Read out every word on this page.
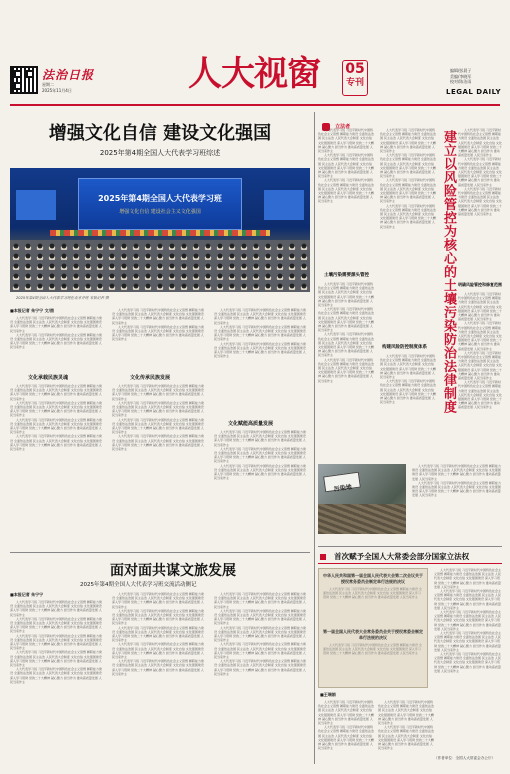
法治日报
星期二
2025年11月4日	人大视窗 05
专刊
编辑/彭晨子
美编/李晓军
校对/陈洁雨
LEGAL DAILY
增强文化自信 建设文化强国
2025年第4期全国人大代表学习班综述
2025年第4期全国人大代表学习班
增强文化自信 建设社会主义文化强国
2025年第4期全国人大代表学习班在北京开班 本报记者 摄
■本报记者 朱宁宁 文/图

人大代表学习班 习近平新时代中国特色社会主义思想 履职能力建设 全面依法治国 民主法治 人民代表大会制度 文化自信 文化强国建设 深入学习贯彻 党的二十大精神 凝心聚力 担当作为 推动高质量发展 人民当家作主

人大代表学习班 习近平新时代中国特色社会主义思想 履职能力建设 全面依法治国 民主法治 人民代表大会制度 文化自信 文化强国建设 深入学习贯彻 党的二十大精神 凝心聚力 担当作为 推动高质量发展 人民当家作主

文化承载民族灵魂

人大代表学习班 习近平新时代中国特色社会主义思想 履职能力建设 全面依法治国 民主法治 人民代表大会制度 文化自信 文化强国建设 深入学习贯彻 党的二十大精神 凝心聚力 担当作为 推动高质量发展 人民当家作主

人大代表学习班 习近平新时代中国特色社会主义思想 履职能力建设 全面依法治国 民主法治 人民代表大会制度 文化自信 文化强国建设 深入学习贯彻 党的二十大精神 凝心聚力 担当作为 推动高质量发展 人民当家作主

人大代表学习班 习近平新时代中国特色社会主义思想 履职能力建设 全面依法治国 民主法治 人民代表大会制度 文化自信 文化强国建设 深入学习贯彻 党的二十大精神 凝心聚力 担当作为 推动高质量发展 人民当家作主

人大代表学习班 习近平新时代中国特色社会主义思想 履职能力建设 全面依法治国 民主法治 人民代表大会制度 文化自信 文化强国建设 深入学习贯彻 党的二十大精神 凝心聚力 担当作为 推动高质量发展 人民当家作主

人大代表学习班 习近平新时代中国特色社会主义思想 履职能力建设 全面依法治国 民主法治 人民代表大会制度 文化自信 文化强国建设 深入学习贯彻 党的二十大精神 凝心聚力 担当作为 推动高质量发展 人民当家作主

人大代表学习班 习近平新时代中国特色社会主义思想 履职能力建设 全面依法治国 民主法治 人民代表大会制度 文化自信 文化强国建设 深入学习贯彻 党的二十大精神 凝心聚力 担当作为 推动高质量发展 人民当家作主	文化传承民族发展

人大代表学习班 习近平新时代中国特色社会主义思想 履职能力建设 全面依法治国 民主法治 人民代表大会制度 文化自信 文化强国建设 深入学习贯彻 党的二十大精神 凝心聚力 担当作为 推动高质量发展 人民当家作主

人大代表学习班 习近平新时代中国特色社会主义思想 履职能力建设 全面依法治国 民主法治 人民代表大会制度 文化自信 文化强国建设 深入学习贯彻 党的二十大精神 凝心聚力 担当作为 推动高质量发展 人民当家作主

人大代表学习班 习近平新时代中国特色社会主义思想 履职能力建设 全面依法治国 民主法治 人民代表大会制度 文化自信 文化强国建设 深入学习贯彻 党的二十大精神 凝心聚力 担当作为 推动高质量发展 人民当家作主

人大代表学习班 习近平新时代中国特色社会主义思想 履职能力建设 全面依法治国 民主法治 人民代表大会制度 文化自信 文化强国建设 深入学习贯彻 党的二十大精神 凝心聚力 担当作为 推动高质量发展 人民当家作主

人大代表学习班 习近平新时代中国特色社会主义思想 履职能力建设 全面依法治国 民主法治 人民代表大会制度 文化自信 文化强国建设 深入学习贯彻 党的二十大精神 凝心聚力 担当作为 推动高质量发展 人民当家作主

人大代表学习班 习近平新时代中国特色社会主义思想 履职能力建设 全面依法治国 民主法治 人民代表大会制度 文化自信 文化强国建设 深入学习贯彻 党的二十大精神 凝心聚力 担当作为 推动高质量发展 人民当家作主

人大代表学习班 习近平新时代中国特色社会主义思想 履职能力建设 全面依法治国 民主法治 人民代表大会制度 文化自信 文化强国建设 深入学习贯彻 党的二十大精神 凝心聚力 担当作为 推动高质量发展 人民当家作主

文化赋能高质量发展

人大代表学习班 习近平新时代中国特色社会主义思想 履职能力建设 全面依法治国 民主法治 人民代表大会制度 文化自信 文化强国建设 深入学习贯彻 党的二十大精神 凝心聚力 担当作为 推动高质量发展 人民当家作主

人大代表学习班 习近平新时代中国特色社会主义思想 履职能力建设 全面依法治国 民主法治 人民代表大会制度 文化自信 文化强国建设 深入学习贯彻 党的二十大精神 凝心聚力 担当作为 推动高质量发展 人民当家作主

人大代表学习班 习近平新时代中国特色社会主义思想 履职能力建设 全面依法治国 民主法治 人民代表大会制度 文化自信 文化强国建设 深入学习贯彻 党的二十大精神 凝心聚力 担当作为 推动高质量发展 人民当家作主

面对面共谋文旅发展
2025年第4期全国人大代表学习班交流活动侧记
■本报记者 朱宁宁

人大代表学习班 习近平新时代中国特色社会主义思想 履职能力建设 全面依法治国 民主法治 人民代表大会制度 文化自信 文化强国建设 深入学习贯彻 党的二十大精神 凝心聚力 担当作为 推动高质量发展 人民当家作主

人大代表学习班 习近平新时代中国特色社会主义思想 履职能力建设 全面依法治国 民主法治 人民代表大会制度 文化自信 文化强国建设 深入学习贯彻 党的二十大精神 凝心聚力 担当作为 推动高质量发展 人民当家作主

人大代表学习班 习近平新时代中国特色社会主义思想 履职能力建设 全面依法治国 民主法治 人民代表大会制度 文化自信 文化强国建设 深入学习贯彻 党的二十大精神 凝心聚力 担当作为 推动高质量发展 人民当家作主

人大代表学习班 习近平新时代中国特色社会主义思想 履职能力建设 全面依法治国 民主法治 人民代表大会制度 文化自信 文化强国建设 深入学习贯彻 党的二十大精神 凝心聚力 担当作为 推动高质量发展 人民当家作主

人大代表学习班 习近平新时代中国特色社会主义思想 履职能力建设 全面依法治国 民主法治 人民代表大会制度 文化自信 文化强国建设 深入学习贯彻 党的二十大精神 凝心聚力 担当作为 推动高质量发展 人民当家作主

人大代表学习班 习近平新时代中国特色社会主义思想 履职能力建设 全面依法治国 民主法治 人民代表大会制度 文化自信 文化强国建设 深入学习贯彻 党的二十大精神 凝心聚力 担当作为 推动高质量发展 人民当家作主

人大代表学习班 习近平新时代中国特色社会主义思想 履职能力建设 全面依法治国 民主法治 人民代表大会制度 文化自信 文化强国建设 深入学习贯彻 党的二十大精神 凝心聚力 担当作为 推动高质量发展 人民当家作主

人大代表学习班 习近平新时代中国特色社会主义思想 履职能力建设 全面依法治国 民主法治 人民代表大会制度 文化自信 文化强国建设 深入学习贯彻 党的二十大精神 凝心聚力 担当作为 推动高质量发展 人民当家作主

人大代表学习班 习近平新时代中国特色社会主义思想 履职能力建设 全面依法治国 民主法治 人民代表大会制度 文化自信 文化强国建设 深入学习贯彻 党的二十大精神 凝心聚力 担当作为 推动高质量发展 人民当家作主

人大代表学习班 习近平新时代中国特色社会主义思想 履职能力建设 全面依法治国 民主法治 人民代表大会制度 文化自信 文化强国建设 深入学习贯彻 党的二十大精神 凝心聚力 担当作为 推动高质量发展 人民当家作主

人大代表学习班 习近平新时代中国特色社会主义思想 履职能力建设 全面依法治国 民主法治 人民代表大会制度 文化自信 文化强国建设 深入学习贯彻 党的二十大精神 凝心聚力 担当作为 推动高质量发展 人民当家作主

人大代表学习班 习近平新时代中国特色社会主义思想 履职能力建设 全面依法治国 民主法治 人民代表大会制度 文化自信 文化强国建设 深入学习贯彻 党的二十大精神 凝心聚力 担当作为 推动高质量发展 人民当家作主

人大代表学习班 习近平新时代中国特色社会主义思想 履职能力建设 全面依法治国 民主法治 人民代表大会制度 文化自信 文化强国建设 深入学习贯彻 党的二十大精神 凝心聚力 担当作为 推动高质量发展 人民当家作主

人大代表学习班 习近平新时代中国特色社会主义思想 履职能力建设 全面依法治国 民主法治 人民代表大会制度 文化自信 文化强国建设 深入学习贯彻 党的二十大精神 凝心聚力 担当作为 推动高质量发展 人民当家作主

人大代表学习班 习近平新时代中国特色社会主义思想 履职能力建设 全面依法治国 民主法治 人民代表大会制度 文化自信 文化强国建设 深入学习贯彻 党的二十大精神 凝心聚力 担当作为 推动高质量发展 人民当家作主

立法者

人大代表学习班 习近平新时代中国特色社会主义思想 履职能力建设 全面依法治国 民主法治 人民代表大会制度 文化自信 文化强国建设 深入学习贯彻 党的二十大精神 凝心聚力 担当作为 推动高质量发展 人民当家作主

人大代表学习班 习近平新时代中国特色社会主义思想 履职能力建设 全面依法治国 民主法治 人民代表大会制度 文化自信 文化强国建设 深入学习贯彻 党的二十大精神 凝心聚力 担当作为 推动高质量发展 人民当家作主

人大代表学习班 习近平新时代中国特色社会主义思想 履职能力建设 全面依法治国 民主法治 人民代表大会制度 文化自信 文化强国建设 深入学习贯彻 党的二十大精神 凝心聚力 担当作为 推动高质量发展 人民当家作主

土壤污染需要源头管控

人大代表学习班 习近平新时代中国特色社会主义思想 履职能力建设 全面依法治国 民主法治 人民代表大会制度 文化自信 文化强国建设 深入学习贯彻 党的二十大精神 凝心聚力 担当作为 推动高质量发展 人民当家作主

人大代表学习班 习近平新时代中国特色社会主义思想 履职能力建设 全面依法治国 民主法治 人民代表大会制度 文化自信 文化强国建设 深入学习贯彻 党的二十大精神 凝心聚力 担当作为 推动高质量发展 人民当家作主

人大代表学习班 习近平新时代中国特色社会主义思想 履职能力建设 全面依法治国 民主法治 人民代表大会制度 文化自信 文化强国建设 深入学习贯彻 党的二十大精神 凝心聚力 担当作为 推动高质量发展 人民当家作主

人大代表学习班 习近平新时代中国特色社会主义思想 履职能力建设 全面依法治国 民主法治 人民代表大会制度 文化自信 文化强国建设 深入学习贯彻 党的二十大精神 凝心聚力 担当作为 推动高质量发展 人民当家作主

人大代表学习班 习近平新时代中国特色社会主义思想 履职能力建设 全面依法治国 民主法治 人民代表大会制度 文化自信 文化强国建设 深入学习贯彻 党的二十大精神 凝心聚力 担当作为 推动高质量发展 人民当家作主

人大代表学习班 习近平新时代中国特色社会主义思想 履职能力建设 全面依法治国 民主法治 人民代表大会制度 文化自信 文化强国建设 深入学习贯彻 党的二十大精神 凝心聚力 担当作为 推动高质量发展 人民当家作主

人大代表学习班 习近平新时代中国特色社会主义思想 履职能力建设 全面依法治国 民主法治 人民代表大会制度 文化自信 文化强国建设 深入学习贯彻 党的二十大精神 凝心聚力 担当作为 推动高质量发展 人民当家作主

人大代表学习班 习近平新时代中国特色社会主义思想 履职能力建设 全面依法治国 民主法治 人民代表大会制度 文化自信 文化强国建设 深入学习贯彻 党的二十大精神 凝心聚力 担当作为 推动高质量发展 人民当家作主

构建风险防控制度体系 人大代表学习班 习近平新时代中国特色社会主义思想 履职能力建设 全面依法治国 民主法治 人民代表大会制度 文化自信 文化强国建设 深入学习贯彻 党的二十大精神 凝心聚力 担当作为 推动高质量发展 人民当家作主 人大代表学习班 习近平新时代中国特色社会主义思想 履职能力建设 全面依法治国 民主法治 人民代表大会制度 文化自信 文化强国建设 深入学习贯彻 党的二十大精神 凝心聚力 担当作为 推动高质量发展 人民当家作主 建立以风险管控为核心的土壤污染防治法律制度

人大代表学习班 习近平新时代中国特色社会主义思想 履职能力建设 全面依法治国 民主法治 人民代表大会制度 文化自信 文化强国建设 深入学习贯彻 党的二十大精神 凝心聚力 担当作为 推动高质量发展 人民当家作主

人大代表学习班 习近平新时代中国特色社会主义思想 履职能力建设 全面依法治国 民主法治 人民代表大会制度 文化自信 文化强国建设 深入学习贯彻 党的二十大精神 凝心聚力 担当作为 推动高质量发展 人民当家作主

人大代表学习班 习近平新时代中国特色社会主义思想 履职能力建设 全面依法治国 民主法治 人民代表大会制度 文化自信 文化强国建设 深入学习贯彻 党的二十大精神 凝心聚力 担当作为 推动高质量发展 人民当家作主 明确风险管控和修复范围

人大代表学习班 习近平新时代中国特色社会主义思想 履职能力建设 全面依法治国 民主法治 人民代表大会制度 文化自信 文化强国建设 深入学习贯彻 党的二十大精神 凝心聚力 担当作为 推动高质量发展 人民当家作主

人大代表学习班 习近平新时代中国特色社会主义思想 履职能力建设 全面依法治国 民主法治 人民代表大会制度 文化自信 文化强国建设 深入学习贯彻 党的二十大精神 凝心聚力 担当作为 推动高质量发展 人民当家作主

人大代表学习班 习近平新时代中国特色社会主义思想 履职能力建设 全面依法治国 民主法治 人民代表大会制度 文化自信 文化强国建设 深入学习贯彻 党的二十大精神 凝心聚力 担当作为 推动高质量发展 人民当家作主

人大代表学习班 习近平新时代中国特色社会主义思想 履职能力建设 全面依法治国 民主法治 人民代表大会制度 文化自信 文化强国建设 深入学习贯彻 党的二十大精神 凝心聚力 担当作为 推动高质量发展 人民当家作主

污染地

人大代表学习班 习近平新时代中国特色社会主义思想 履职能力建设 全面依法治国 民主法治 人民代表大会制度 文化自信 文化强国建设 深入学习贯彻 党的二十大精神 凝心聚力 担当作为 推动高质量发展 人民当家作主

人大代表学习班 习近平新时代中国特色社会主义思想 履职能力建设 全面依法治国 民主法治 人民代表大会制度 文化自信 文化强国建设 深入学习贯彻 党的二十大精神 凝心聚力 担当作为 推动高质量发展 人民当家作主

$^{首次赋予全国人大常委会部分国家立法权}$
中华人民共和国第一届全国人民代表大会第二次会议关于授权常务委员会制定单行法规的决议

人大代表学习班 习近平新时代中国特色社会主义思想 履职能力建设 全面依法治国 民主法治 人民代表大会制度 文化自信 文化强国建设 深入学习贯彻 党的二十大精神 凝心聚力 担当作为 推动高质量发展 人民当家作主

第一届全国人民代表大会常务委员会关于授权常委会制定单行法规的决议

人大代表学习班 习近平新时代中国特色社会主义思想 履职能力建设 全面依法治国 民主法治 人民代表大会制度 文化自信 文化强国建设 深入学习贯彻 党的二十大精神 凝心聚力 担当作为 推动高质量发展 人民当家作主

■王瑞娟

人大代表学习班 习近平新时代中国特色社会主义思想 履职能力建设 全面依法治国 民主法治 人民代表大会制度 文化自信 文化强国建设 深入学习贯彻 党的二十大精神 凝心聚力 担当作为 推动高质量发展 人民当家作主

人大代表学习班 习近平新时代中国特色社会主义思想 履职能力建设 全面依法治国 民主法治 人民代表大会制度 文化自信 文化强国建设 深入学习贯彻 党的二十大精神 凝心聚力 担当作为 推动高质量发展 人民当家作主

人大代表学习班 习近平新时代中国特色社会主义思想 履职能力建设 全面依法治国 民主法治 人民代表大会制度 文化自信 文化强国建设 深入学习贯彻 党的二十大精神 凝心聚力 担当作为 推动高质量发展 人民当家作主

人大代表学习班 习近平新时代中国特色社会主义思想 履职能力建设 全面依法治国 民主法治 人民代表大会制度 文化自信 文化强国建设 深入学习贯彻 党的二十大精神 凝心聚力 担当作为 推动高质量发展 人民当家作主

人大代表学习班 习近平新时代中国特色社会主义思想 履职能力建设 全面依法治国 民主法治 人民代表大会制度 文化自信 文化强国建设 深入学习贯彻 党的二十大精神 凝心聚力 担当作为 推动高质量发展 人民当家作主

人大代表学习班 习近平新时代中国特色社会主义思想 履职能力建设 全面依法治国 民主法治 人民代表大会制度 文化自信 文化强国建设 深入学习贯彻 党的二十大精神 凝心聚力 担当作为 推动高质量发展 人民当家作主

人大代表学习班 习近平新时代中国特色社会主义思想 履职能力建设 全面依法治国 民主法治 人民代表大会制度 文化自信 文化强国建设 深入学习贯彻 党的二十大精神 凝心聚力 担当作为 推动高质量发展 人民当家作主

人大代表学习班 习近平新时代中国特色社会主义思想 履职能力建设 全面依法治国 民主法治 人民代表大会制度 文化自信 文化强国建设 深入学习贯彻 党的二十大精神 凝心聚力 担当作为 推动高质量发展 人民当家作主

人大代表学习班 习近平新时代中国特色社会主义思想 履职能力建设 全面依法治国 民主法治 人民代表大会制度 文化自信 文化强国建设 深入学习贯彻 党的二十大精神 凝心聚力 担当作为 推动高质量发展 人民当家作主

（作者单位：全国人大常委会办公厅）
